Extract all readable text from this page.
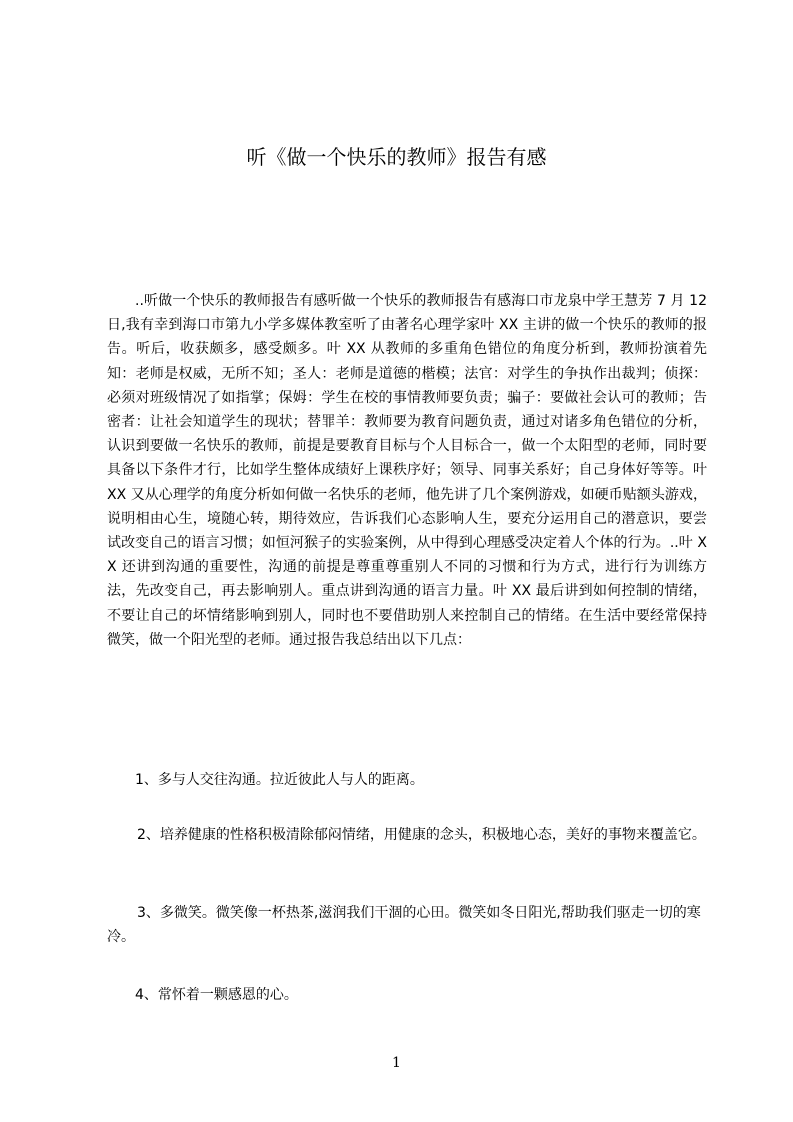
听《做一个快乐的教师》报告有感
..听做一个快乐的教师报告有感听做一个快乐的教师报告有感海口市龙泉中学王慧芳 7 月 12 日,我有幸到海口市第九小学多媒体教室听了由著名心理学家叶 XX 主讲的做一个快乐的教师的报告。听后，收获颇多，感受颇多。叶 XX 从教师的多重角色错位的角度分析到，教师扮演着先知：老师是权威，无所不知；圣人：老师是道德的楷模；法官：对学生的争执作出裁判；侦探：必须对班级情况了如指掌；保姆：学生在校的事情教师要负责；骗子：要做社会认可的教师；告密者：让社会知道学生的现状；替罪羊：教师要为教育问题负责，通过对诸多角色错位的分析，认识到要做一名快乐的教师，前提是要教育目标与个人目标合一，做一个太阳型的老师，同时要具备以下条件才行，比如学生整体成绩好上课秩序好；领导、同事关系好；自己身体好等等。叶 XX 又从心理学的角度分析如何做一名快乐的老师，他先讲了几个案例游戏，如硬币贴额头游戏，说明相由心生，境随心转，期待效应，告诉我们心态影响人生，要充分运用自己的潜意识，要尝试改变自己的语言习惯；如恒河猴子的实验案例，从中得到心理感受决定着人个体的行为。..叶 XX 还讲到沟通的重要性，沟通的前提是尊重尊重别人不同的习惯和行为方式，进行行为训练方法，先改变自己，再去影响别人。重点讲到沟通的语言力量。叶 XX 最后讲到如何控制的情绪，不要让自己的坏情绪影响到别人，同时也不要借助别人来控制自己的情绪。在生活中要经常保持微笑，做一个阳光型的老师。通过报告我总结出以下几点：
1、多与人交往沟通。拉近彼此人与人的距离。
2、培养健康的性格积极清除郁闷情绪，用健康的念头，积极地心态，美好的事物来覆盖它。
3、多微笑。微笑像一杯热茶,滋润我们干涸的心田。微笑如冬日阳光,帮助我们驱走一切的寒冷。
4、常怀着一颗感恩的心。
1
